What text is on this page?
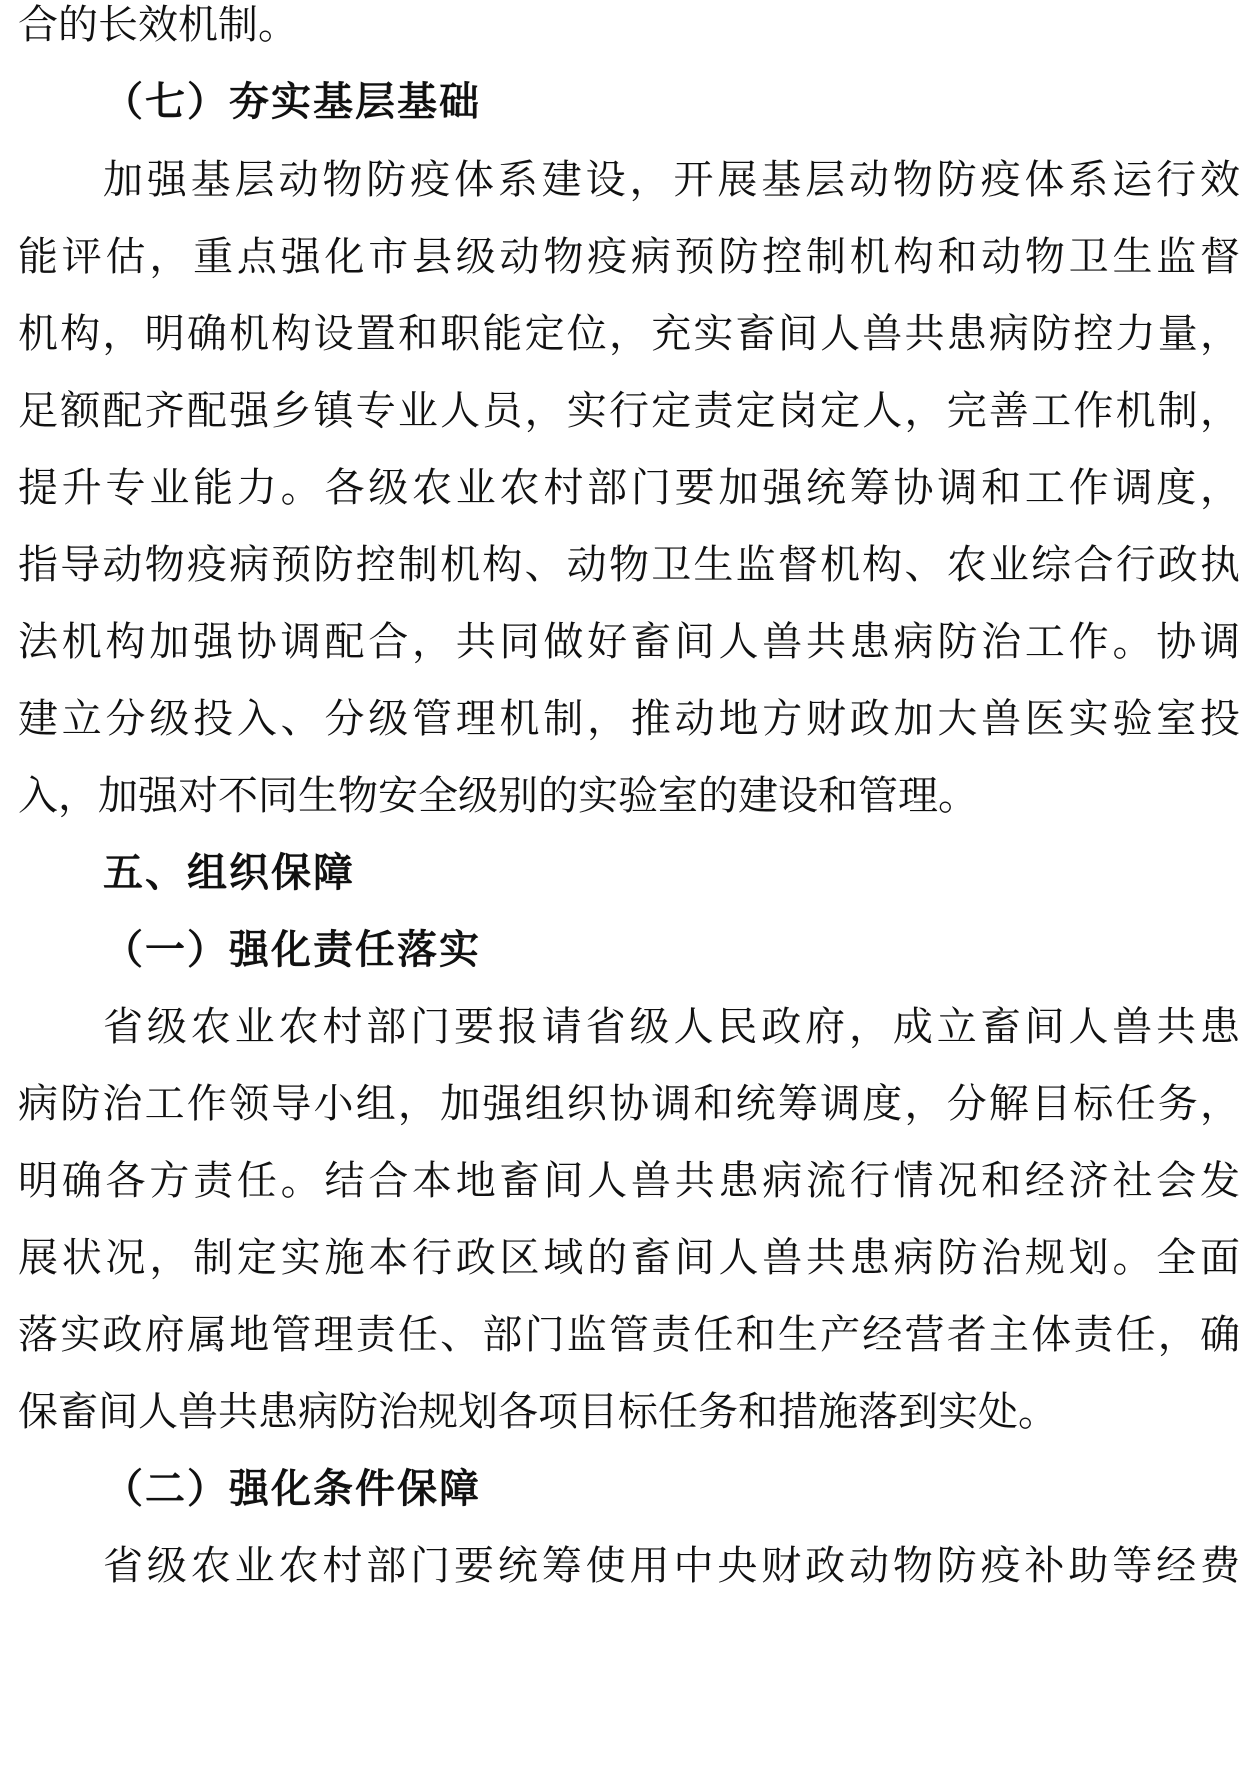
合的长效机制。
（七）夯实基层基础
加强基层动物防疫体系建设，开展基层动物防疫体系运行效
能评估，重点强化市县级动物疫病预防控制机构和动物卫生监督
机构，明确机构设置和职能定位，充实畜间人兽共患病防控力量，
足额配齐配强乡镇专业人员，实行定责定岗定人，完善工作机制，
提升专业能力。各级农业农村部门要加强统筹协调和工作调度，
指导动物疫病预防控制机构、动物卫生监督机构、农业综合行政执
法机构加强协调配合，共同做好畜间人兽共患病防治工作。协调
建立分级投入、分级管理机制，推动地方财政加大兽医实验室投
入，加强对不同生物安全级别的实验室的建设和管理。
五、组织保障
（一）强化责任落实
省级农业农村部门要报请省级人民政府，成立畜间人兽共患
病防治工作领导小组，加强组织协调和统筹调度，分解目标任务，
明确各方责任。结合本地畜间人兽共患病流行情况和经济社会发
展状况，制定实施本行政区域的畜间人兽共患病防治规划。全面
落实政府属地管理责任、部门监管责任和生产经营者主体责任，确
保畜间人兽共患病防治规划各项目标任务和措施落到实处。
（二）强化条件保障
省级农业农村部门要统筹使用中央财政动物防疫补助等经费
